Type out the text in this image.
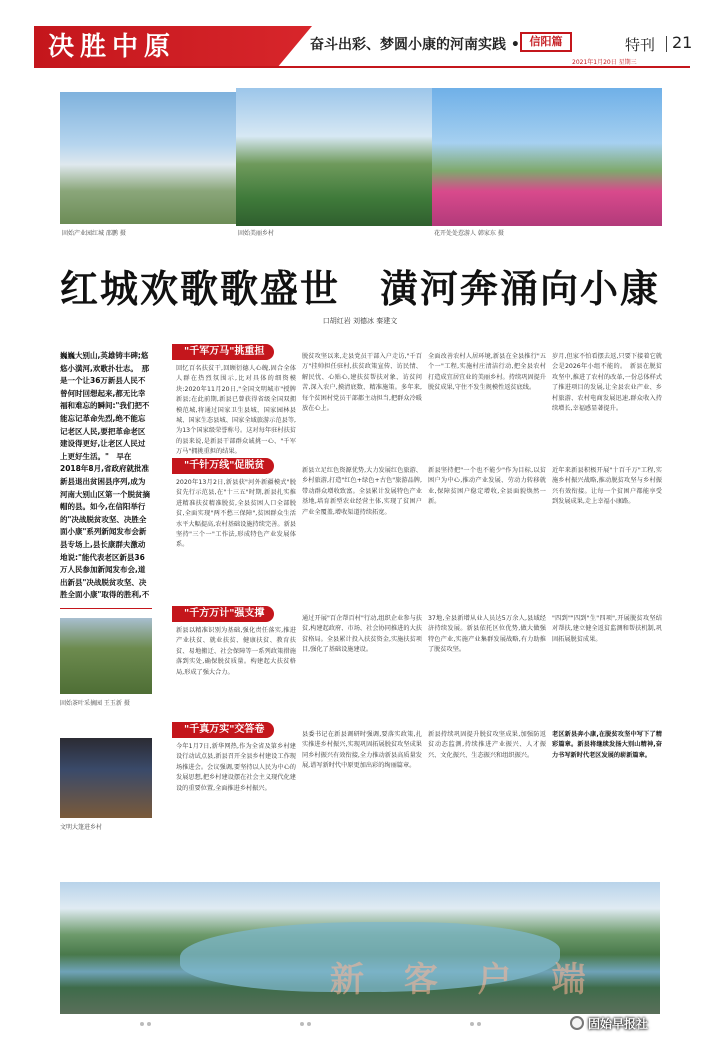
决胜中原	奋斗出彩、梦圆小康的河南实践 • 信阳篇	特刊 21
2021年1月20日 星期三
固始产业园红城 邵鹏 摄	固始美丽乡村	花开处处惹游人 韩家东 摄
红城欢歌歌盛世　潢河奔涌向小康
口胡红岩 刘德冰 秦建文
巍巍大别山,英雄铸丰碑;悠悠小潢河,欢歌扑壮志。　那是一个让36万新县人民不曾何时回想起来,都无比幸福和难忘的瞬间:"我们把不能忘记革命先烈,绝不能忘记老区人民,要把革命老区建设得更好,让老区人民过上更好生活。"　早在2018年8月,省政府就批准新县退出贫困县序列,成为河南大别山区第一个脱贫摘帽的县。如今,在信阳举行的"决战脱贫攻坚、决胜全面小康"系列新闻发布会新县专场上,县长康群夫激动地说:"能代表老区新县36万人民参加新闻发布会,道出新县"决战脱贫攻坚、决胜全面小康"取得的胜利,不　
固始茶叶采摘园 王玉新 摄
文明大篷进乡村
"千军万马"挑重担
回忆百名扶贫干,回顾衍德人心魄,固合全体人群在热烈氛围示,比对具体的细资模块:2020年11月20日,"全国文明城市"授牌新县;在此前期,新县已曾获得省级全国双拥模范城,将通过国家卫生县城、国家园林县城、国家生态县城、国家全域旅游示范县等,为13个国家级荣誉称号。这对每年驻村扶贫的县来说,是新县干部群众诚挑一心、"千军万马"拥挑重担的结果。
脱贫攻坚以来,走县党员干部入户走访,"千百万"挂帅担任驻村,扶贫政策宣传、访民情、解民忧、心贴心,建扶贫帮扶对象、访贫问苦,深入农户,摸清底数、精准施策。多年来,每个贫困村党员干部都主动担当,把群众冷暖放在心上。
全面改善农村人居环境,新县在全县推行"五个一"工程,实施村庄清洁行动,把全县农村打造成宜居宜业的美丽乡村。持续巩固提升脱贫成果,守住不发生规模性返贫底线。
岁月,但家不怕看摆去返,只要下接着它就会是2026年小组不能的。　新县在脱贫攻坚中,推进了农村的改革,一份总体样式了推进项目的发展,让全县农业产业、乡村旅游、农村电商发展迅速,群众收入持续增长,幸福感显著提升。
"千针万线"促脱贫
2020年13月2日,新县获"河外新疆模式"脱贫先行示范县,在"十三五"时期,新县扎实推进精准扶贫精准脱贫,全县贫困人口全部脱贫,全面实现"两不愁三保障",贫困群众生活水平大幅提高,农村基础设施持续完善。新县坚持"三个一"工作法,形成特色产业发展体系。
新县立足红色资源优势,大力发展红色旅游、乡村旅游,打造"红色+绿色+古色"旅游品牌,带动群众增收致富。全县累计发展特色产业基地,培育新型农业经营主体,实现了贫困户产业全覆盖,增收渠道持续拓宽。
新县坚持把"一个也不能少"作为目标,以贫困户为中心,推动产业发展、劳动力转移就业,保障贫困户稳定增收,全县面貌焕然一新。
近年来新县积极开展"十百千万"工程,实施乡村振兴战略,推动脱贫攻坚与乡村振兴有效衔接。让每一个贫困户都能享受到发展成果,走上幸福小康路。
"千方万计"强支撑
新县以精准识别为基础,强化责任落实,推进产业扶贫、就业扶贫、健康扶贫、教育扶贫、易地搬迁、社会保障等一系列政策措施落到实处,确保脱贫质量。构建起大扶贫格局,形成了强大合力。
通过开展"百企帮百村"行动,组织企业参与扶贫,构建起政府、市场、社会协同推进的大扶贫格局。全县累计投入扶贫资金,实施扶贫项目,强化了基础设施建设。
37地,全县新增从业人员达5万余人,县域经济持续发展。新县依托区位优势,做大做强特色产业,实施产业集群发展战略,有力助推了脱贫攻坚。
"四到""四到"生"四项",开展脱贫攻坚结对帮扶,建立健全返贫监测和帮扶机制,巩固拓展脱贫成果。
"千真万实"交答卷
今年1月7日,新华网热,作为全省及第乡村建设行动试点县,新县召开全县乡村建设工作现场推进会。会议强调,要坚持以人民为中心的发展思想,把乡村建设摆在社会主义现代化建设的重要位置,全面推进乡村振兴。
县委书记在新县调研时强调,要落实政策,扎实推进乡村振兴,实现巩固拓展脱贫攻坚成果同乡村振兴有效衔接,全力推动新县高质量发展,谱写新时代中原更加出彩的绚丽篇章。
新县持续巩固提升脱贫攻坚成果,加强防返贫动态监测,持续推进产业振兴、人才振兴、文化振兴、生态振兴和组织振兴。
老区新县奔小康,在脱贫攻坚中写下了精彩篇章。新县将继续发扬大别山精神,奋力书写新时代老区发展的崭新篇章。
新 客 户 端
固始早报社
